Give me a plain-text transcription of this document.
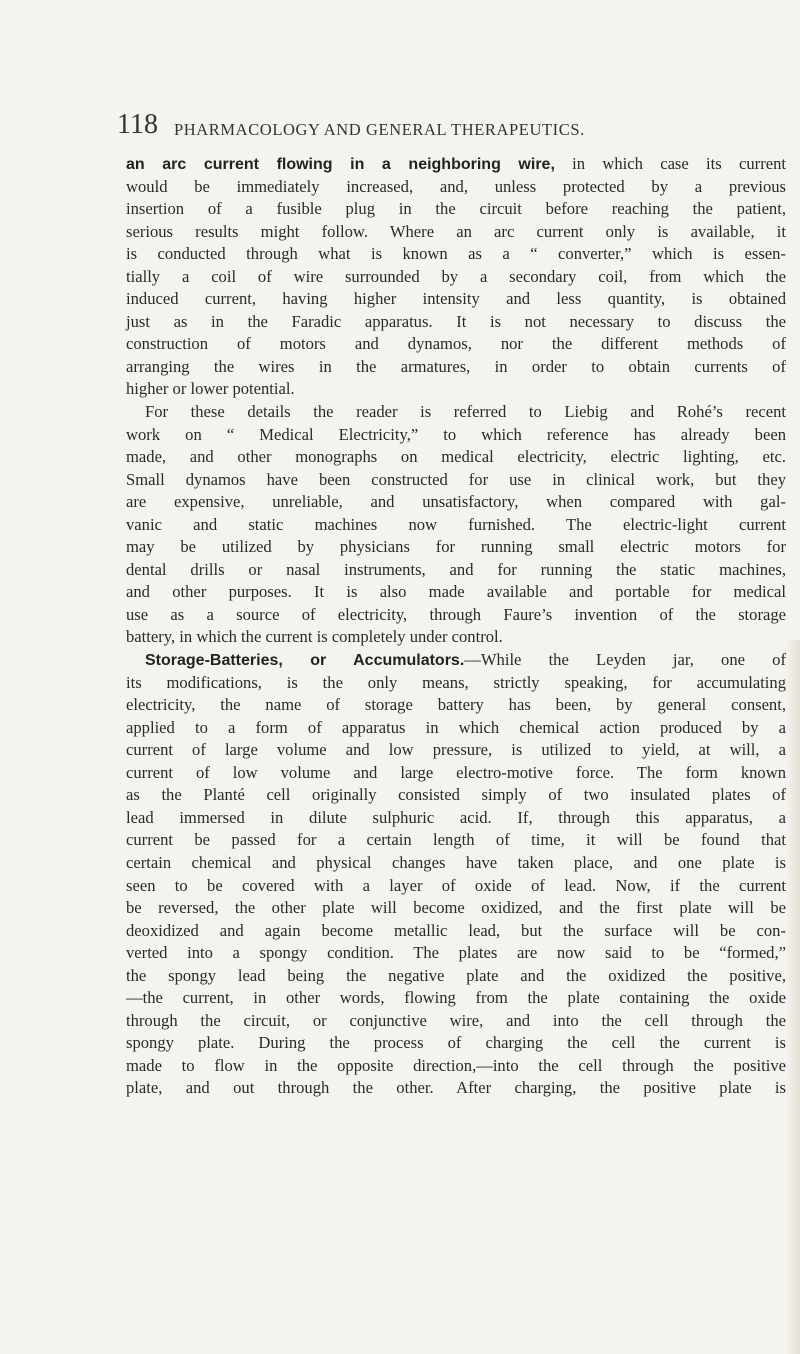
118 PHARMACOLOGY AND GENERAL THERAPEUTICS.
an arc current flowing in a neighboring wire, in which case its current
would be immediately increased, and, unless protected by a previous
insertion of a fusible plug in the circuit before reaching the patient,
serious results might follow. Where an arc current only is available, it
is conducted through what is known as a “ converter,” which is essen-
tially a coil of wire surrounded by a secondary coil, from which the
induced current, having higher intensity and less quantity, is obtained
just as in the Faradic apparatus. It is not necessary to discuss the
construction of motors and dynamos, nor the different methods of
arranging the wires in the armatures, in order to obtain currents of
higher or lower potential.
For these details the reader is referred to Liebig and Rohé’s recent
work on “ Medical Electricity,” to which reference has already been
made, and other monographs on medical electricity, electric lighting, etc.
Small dynamos have been constructed for use in clinical work, but they
are expensive, unreliable, and unsatisfactory, when compared with gal-
vanic and static machines now furnished. The electric-light current
may be utilized by physicians for running small electric motors for
dental drills or nasal instruments, and for running the static machines,
and other purposes. It is also made available and portable for medical
use as a source of electricity, through Faure’s invention of the storage
battery, in which the current is completely under control.
Storage-Batteries, or Accumulators.—While the Leyden jar, one of
its modifications, is the only means, strictly speaking, for accumulating
electricity, the name of storage battery has been, by general consent,
applied to a form of apparatus in which chemical action produced by a
current of large volume and low pressure, is utilized to yield, at will, a
current of low volume and large electro-motive force. The form known
as the Planté cell originally consisted simply of two insulated plates of
lead immersed in dilute sulphuric acid. If, through this apparatus, a
current be passed for a certain length of time, it will be found that
certain chemical and physical changes have taken place, and one plate is
seen to be covered with a layer of oxide of lead. Now, if the current
be reversed, the other plate will become oxidized, and the first plate will be
deoxidized and again become metallic lead, but the surface will be con-
verted into a spongy condition. The plates are now said to be “formed,”
the spongy lead being the negative plate and the oxidized the positive,
—the current, in other words, flowing from the plate containing the oxide
through the circuit, or conjunctive wire, and into the cell through the
spongy plate. During the process of charging the cell the current is
made to flow in the opposite direction,—into the cell through the positive
plate, and out through the other. After charging, the positive plate is
